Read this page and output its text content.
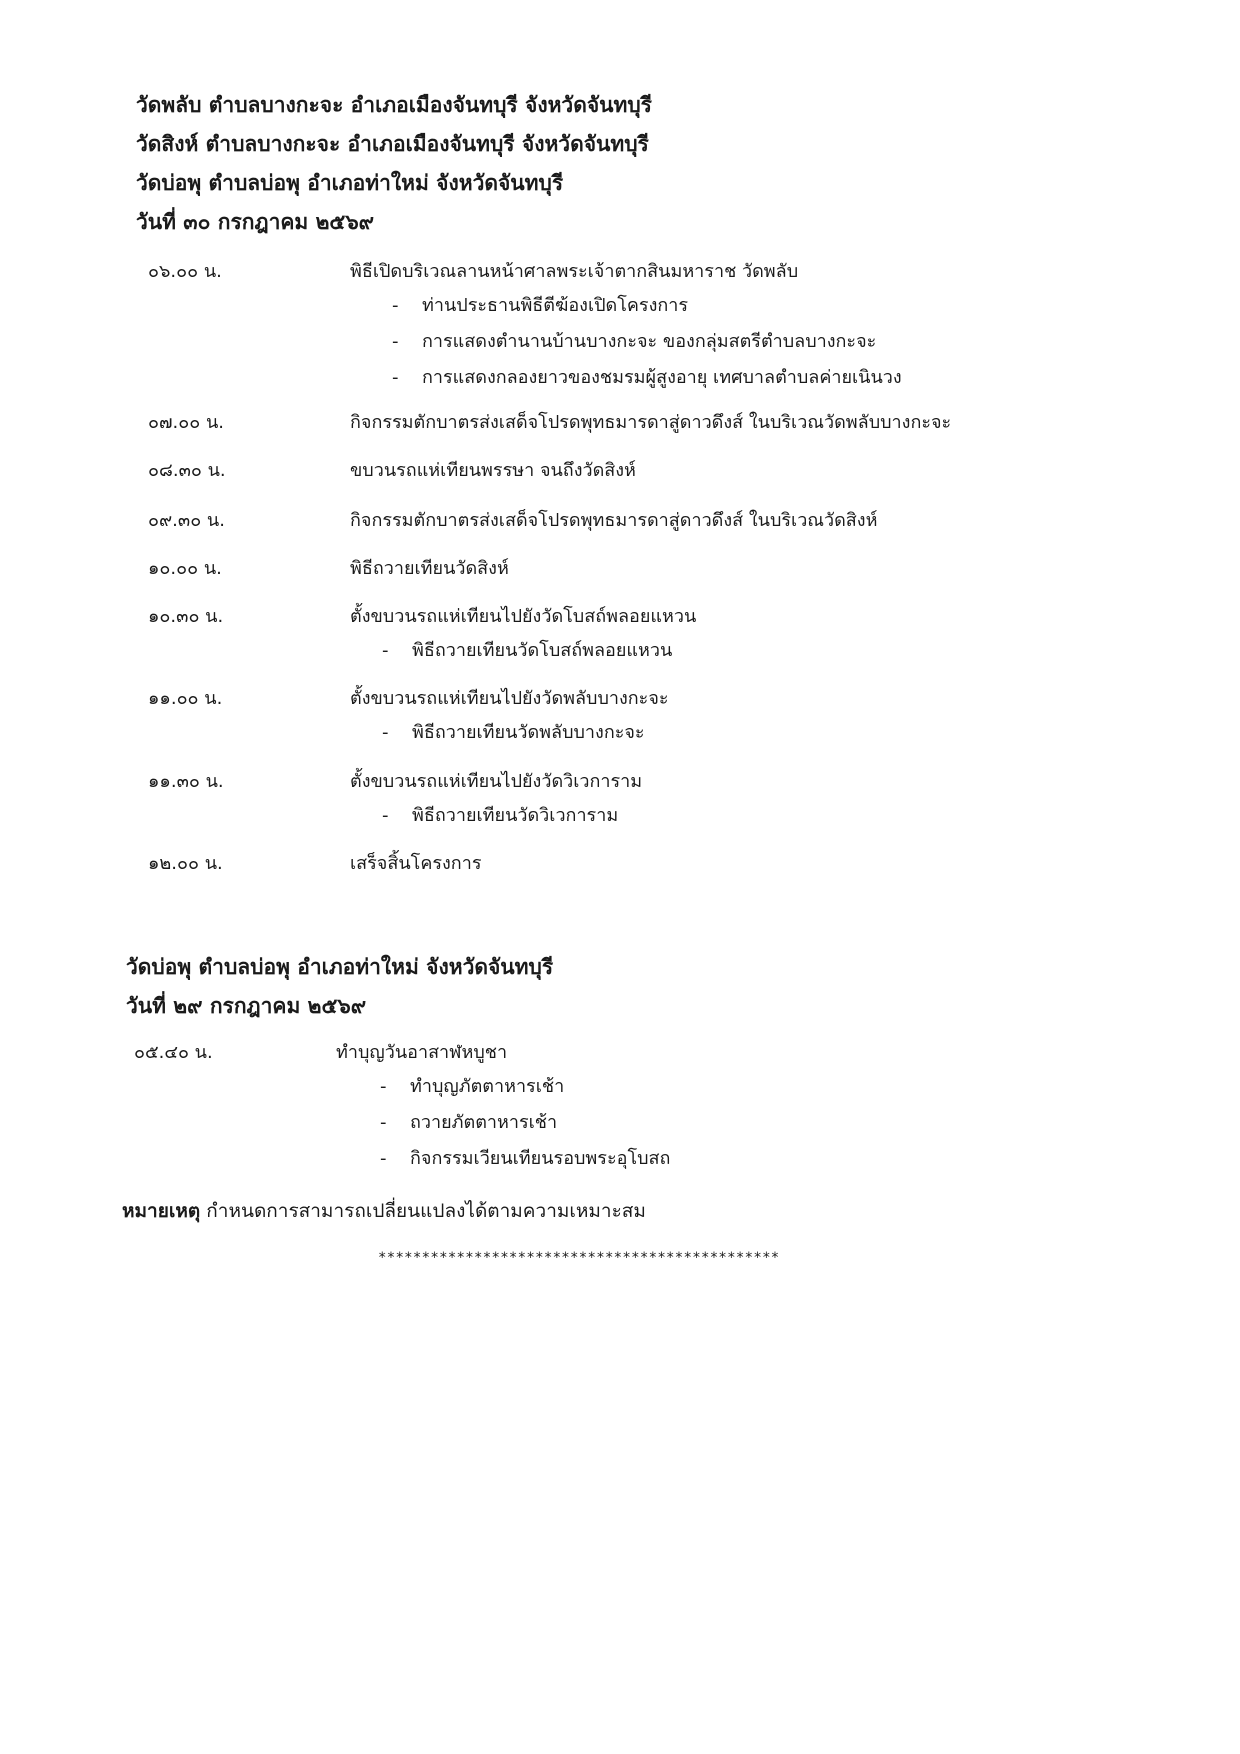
วัดพลับ ตำบลบางกะจะ อำเภอเมืองจันทบุรี จังหวัดจันทบุรี
วัดสิงห์ ตำบลบางกะจะ อำเภอเมืองจันทบุรี จังหวัดจันทบุรี
วัดบ่อพุ ตำบลบ่อพุ อำเภอท่าใหม่ จังหวัดจันทบุรี
วันที่ ๓๐ กรกฎาคม ๒๕๖๙
๐๖.๐๐ น.	พิธีเปิดบริเวณลานหน้าศาลพระเจ้าตากสินมหาราช วัดพลับ
- ท่านประธานพิธีตีฆ้องเปิดโครงการ
- การแสดงตำนานบ้านบางกะจะ ของกลุ่มสตรีตำบลบางกะจะ
- การแสดงกลองยาวของชมรมผู้สูงอายุ เทศบาลตำบลค่ายเนินวง
๐๗.๐๐ น.	กิจกรรมตักบาตรส่งเสด็จโปรดพุทธมารดาสู่ดาวดึงส์ ในบริเวณวัดพลับบางกะจะ
๐๘.๓๐ น.	ขบวนรถแห่เทียนพรรษา จนถึงวัดสิงห์
๐๙.๓๐ น.	กิจกรรมตักบาตรส่งเสด็จโปรดพุทธมารดาสู่ดาวดึงส์ ในบริเวณวัดสิงห์
๑๐.๐๐ น.	พิธีถวายเทียนวัดสิงห์
๑๐.๓๐ น.	ตั้งขบวนรถแห่เทียนไปยังวัดโบสถ์พลอยแหวน
- พิธีถวายเทียนวัดโบสถ์พลอยแหวน
๑๑.๐๐ น.	ตั้งขบวนรถแห่เทียนไปยังวัดพลับบางกะจะ
- พิธีถวายเทียนวัดพลับบางกะจะ
๑๑.๓๐ น.	ตั้งขบวนรถแห่เทียนไปยังวัดวิเวการาม
- พิธีถวายเทียนวัดวิเวการาม
๑๒.๐๐ น.	เสร็จสิ้นโครงการ
วัดบ่อพุ ตำบลบ่อพุ อำเภอท่าใหม่ จังหวัดจันทบุรี
วันที่ ๒๙ กรกฎาคม ๒๕๖๙
๐๕.๔๐ น.	ทำบุญวันอาสาฬหบูชา
- ทำบุญภัตตาหารเช้า
- ถวายภัตตาหารเช้า
- กิจกรรมเวียนเทียนรอบพระอุโบสถ
หมายเหตุ กำหนดการสามารถเปลี่ยนแปลงได้ตามความเหมาะสม
**********************************************
